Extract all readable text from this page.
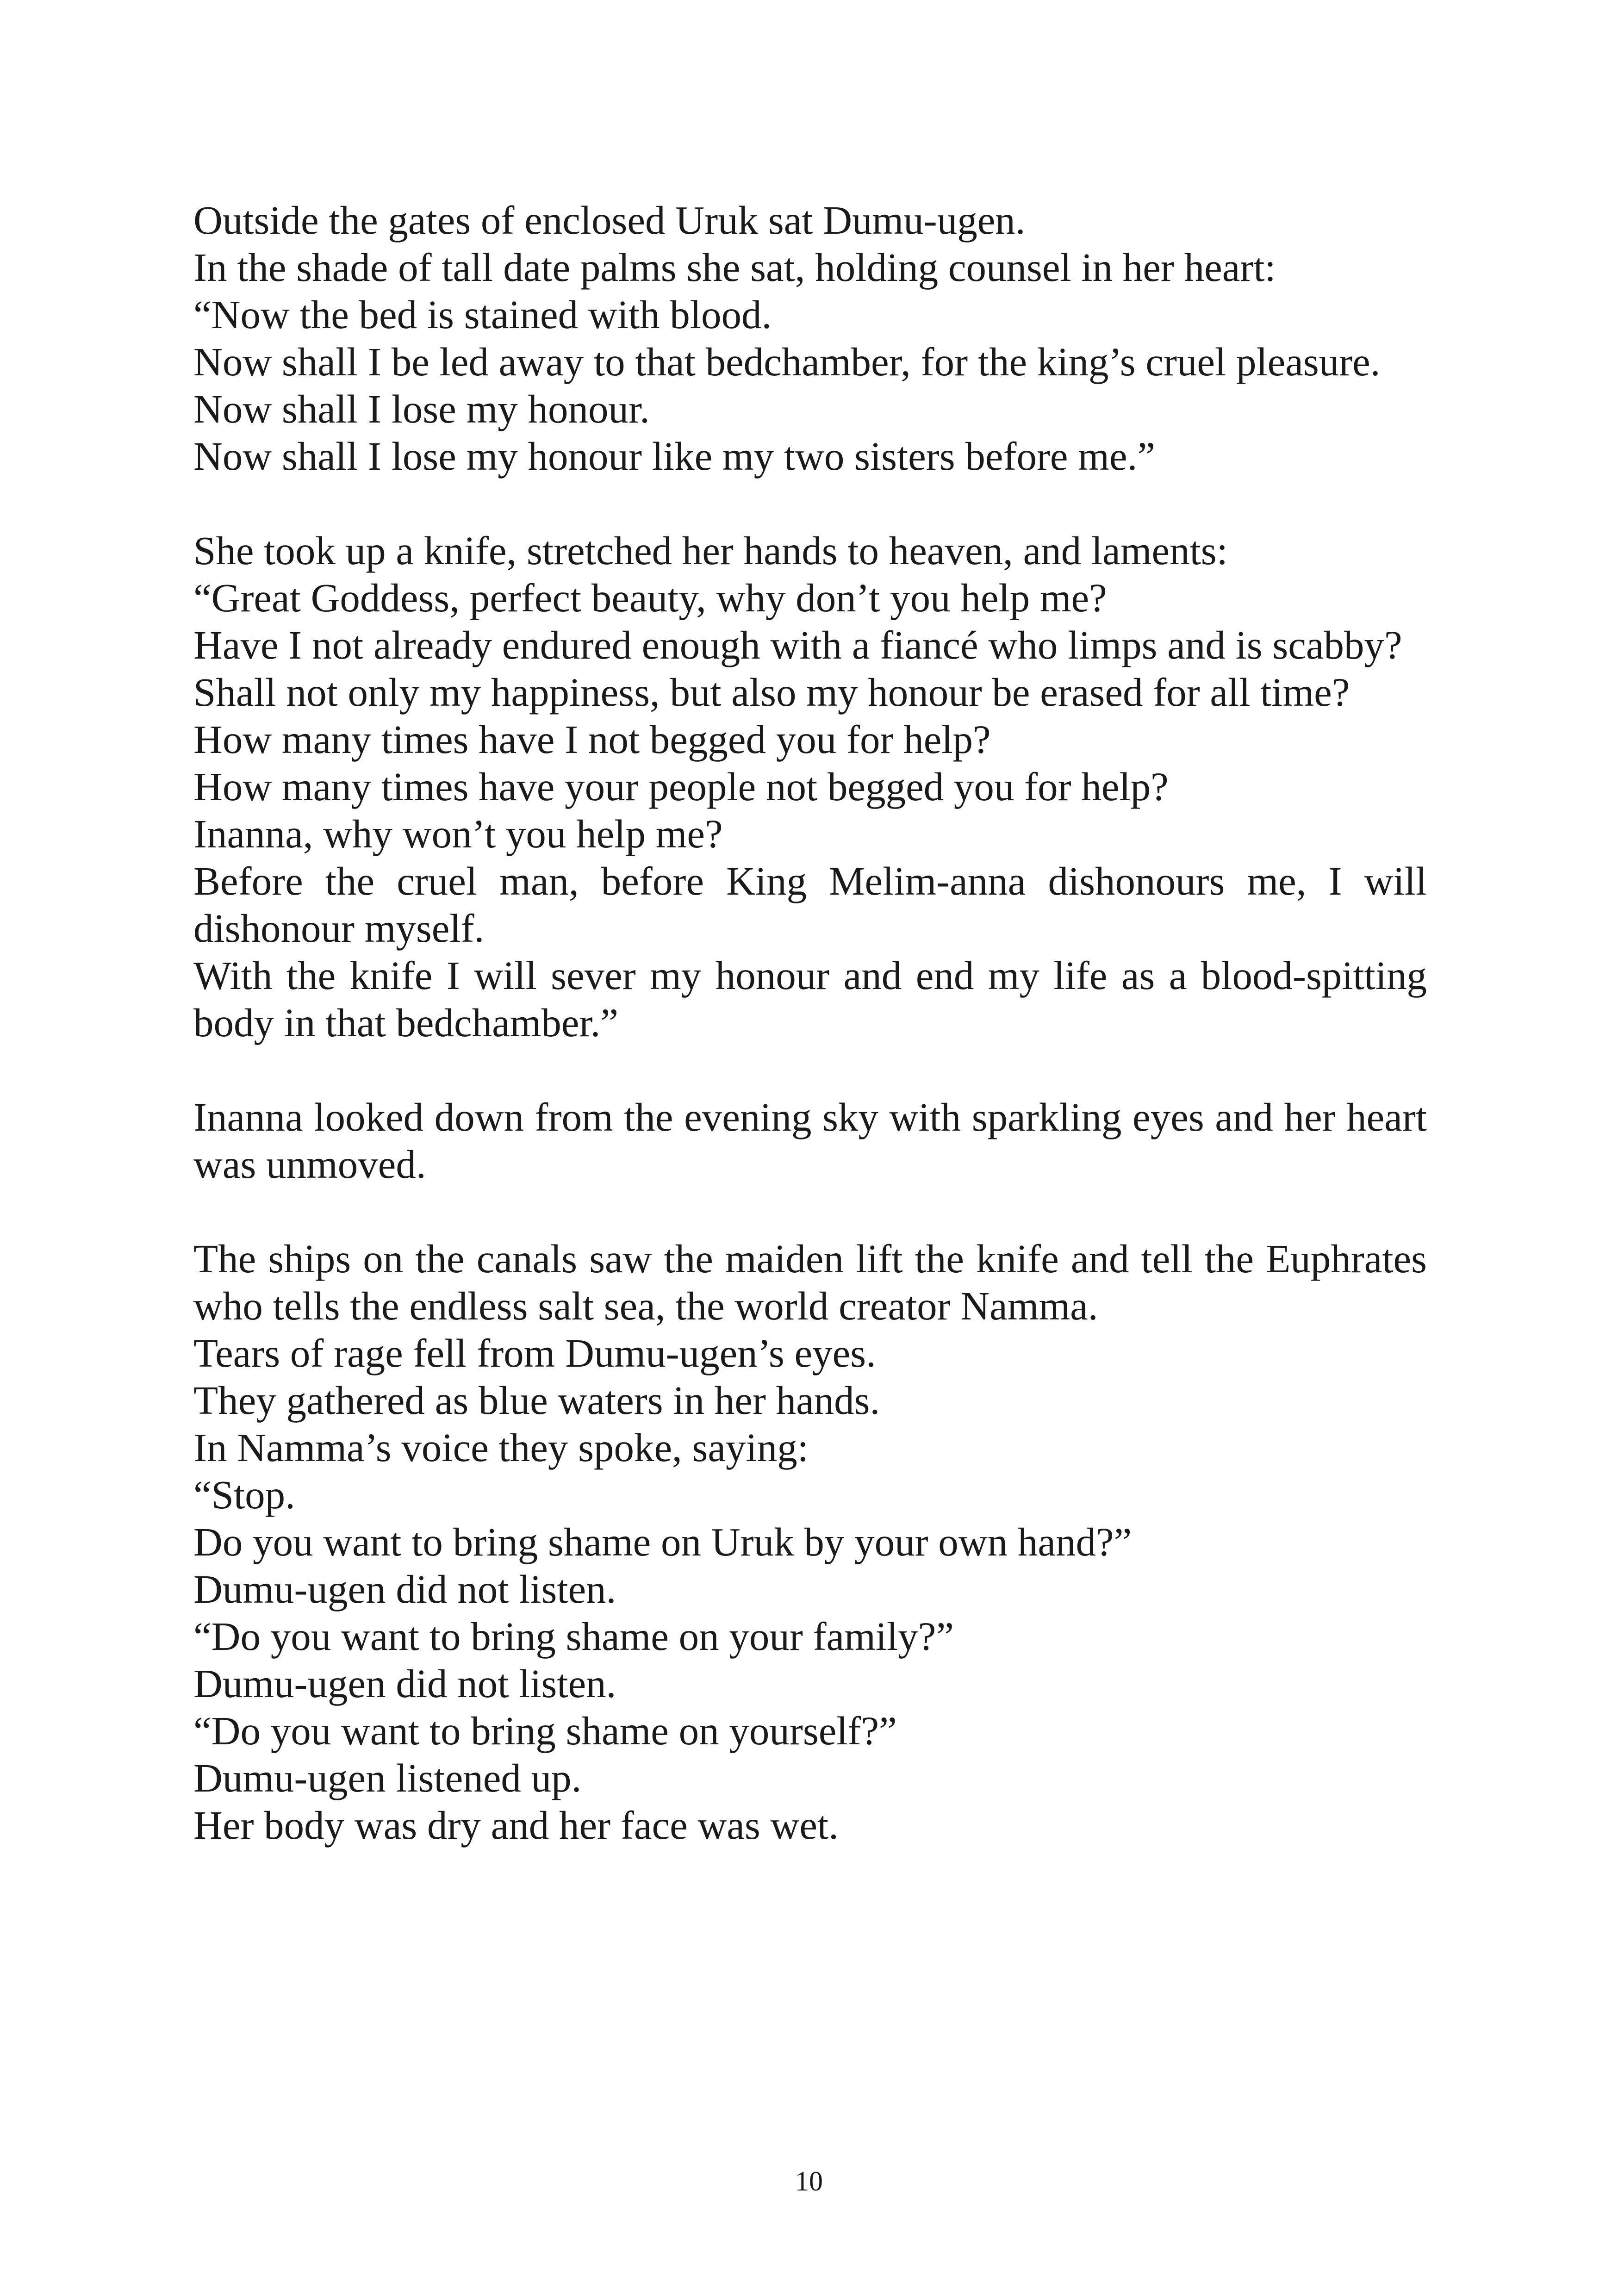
Outside the gates of enclosed Uruk sat Dumu-ugen.
In the shade of tall date palms she sat, holding counsel in her heart:
“Now the bed is stained with blood.
Now shall I be led away to that bedchamber, for the king’s cruel pleasure.
Now shall I lose my honour.
Now shall I lose my honour like my two sisters before me.”
She took up a knife, stretched her hands to heaven, and laments:
“Great Goddess, perfect beauty, why don’t you help me?
Have I not already endured enough with a fiancé who limps and is scabby?
Shall not only my happiness, but also my honour be erased for all time?
How many times have I not begged you for help?
How many times have your people not begged you for help?
Inanna, why won’t you help me?
Before the cruel man, before King Melim-anna dishonours me, I will dishonour myself.
With the knife I will sever my honour and end my life as a blood-spitting body in that bedchamber.”
Inanna looked down from the evening sky with sparkling eyes and her heart was unmoved.
The ships on the canals saw the maiden lift the knife and tell the Euphrates who tells the endless salt sea, the world creator Namma.
Tears of rage fell from Dumu-ugen’s eyes.
They gathered as blue waters in her hands.
In Namma’s voice they spoke, saying:
“Stop.
Do you want to bring shame on Uruk by your own hand?”
Dumu-ugen did not listen.
“Do you want to bring shame on your family?”
Dumu-ugen did not listen.
“Do you want to bring shame on yourself?”
Dumu-ugen listened up.
Her body was dry and her face was wet.
10
